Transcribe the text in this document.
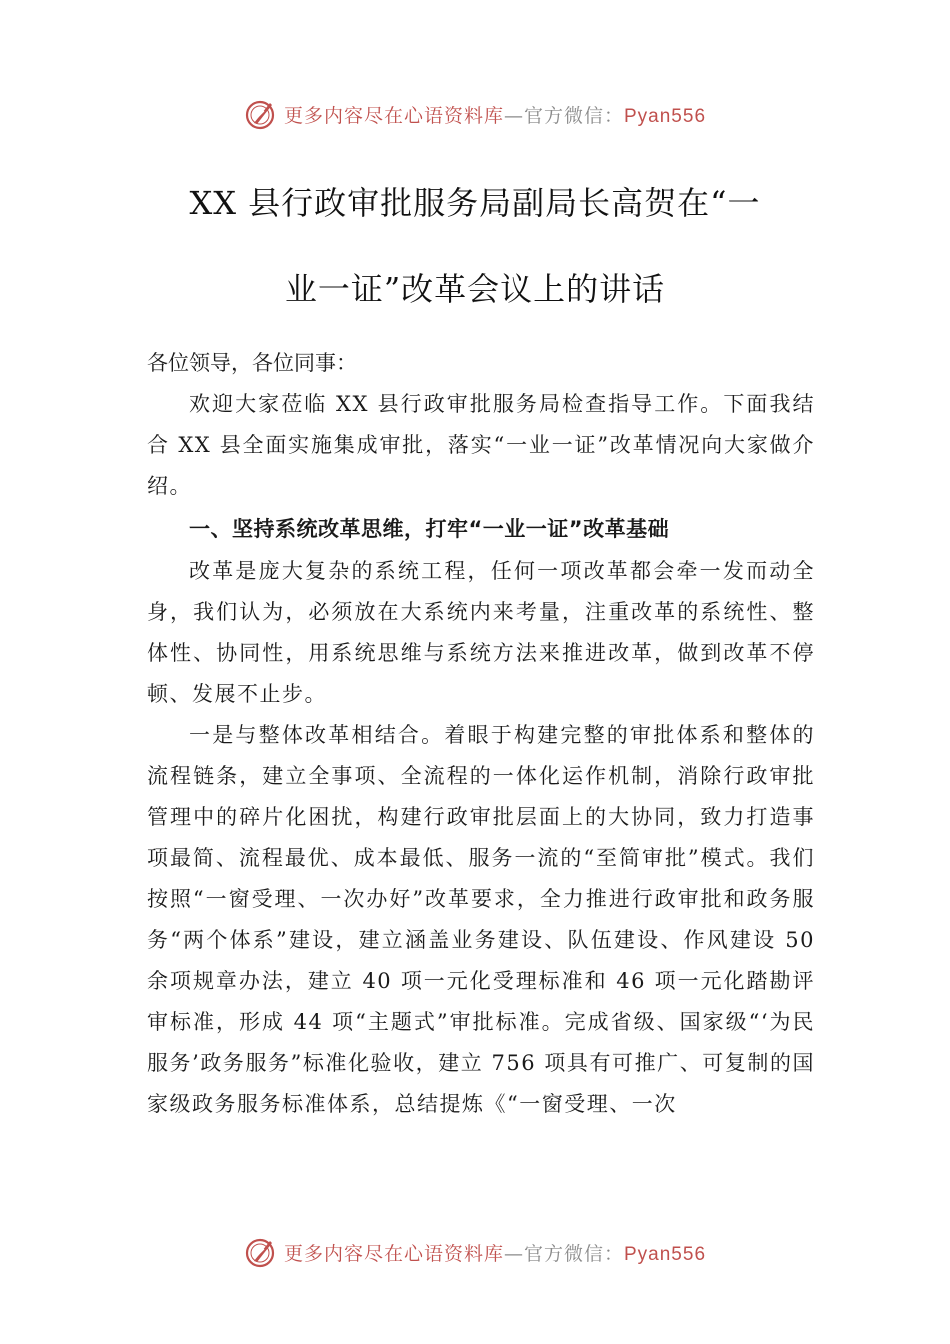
更多内容尽在心语资料库—官方微信：Pyan556
XX 县行政审批服务局副局长高贺在“一
业一证”改革会议上的讲话

各位领导，各位同事：

欢迎大家莅临 XX 县行政审批服务局检查指导工作。下面我结合 XX 县全面实施集成审批，落实“一业一证”改革情况向大家做介绍。

一、坚持系统改革思维，打牢“一业一证”改革基础

改革是庞大复杂的系统工程，任何一项改革都会牵一发而动全身，我们认为，必须放在大系统内来考量，注重改革的系统性、整体性、协同性，用系统思维与系统方法来推进改革，做到改革不停顿、发展不止步。

一是与整体改革相结合。着眼于构建完整的审批体系和整体的流程链条，建立全事项、全流程的一体化运作机制，消除行政审批管理中的碎片化困扰，构建行政审批层面上的大协同，致力打造事项最简、流程最优、成本最低、服务一流的“至简审批”模式。我们按照“一窗受理、一次办好”改革要求，全力推进行政审批和政务服务“两个体系”建设，建立涵盖业务建设、队伍建设、作风建设 50 余项规章办法，建立 40 项一元化受理标准和 46 项一元化踏勘评审标准，形成 44 项“主题式”审批标准。完成省级、国家级“‘为民服务’政务服务”标准化验收，建立 756 项具有可推广、可复制的国家级政务服务标准体系，总结提炼《“一窗受理、一次

更多内容尽在心语资料库—官方微信：Pyan556
